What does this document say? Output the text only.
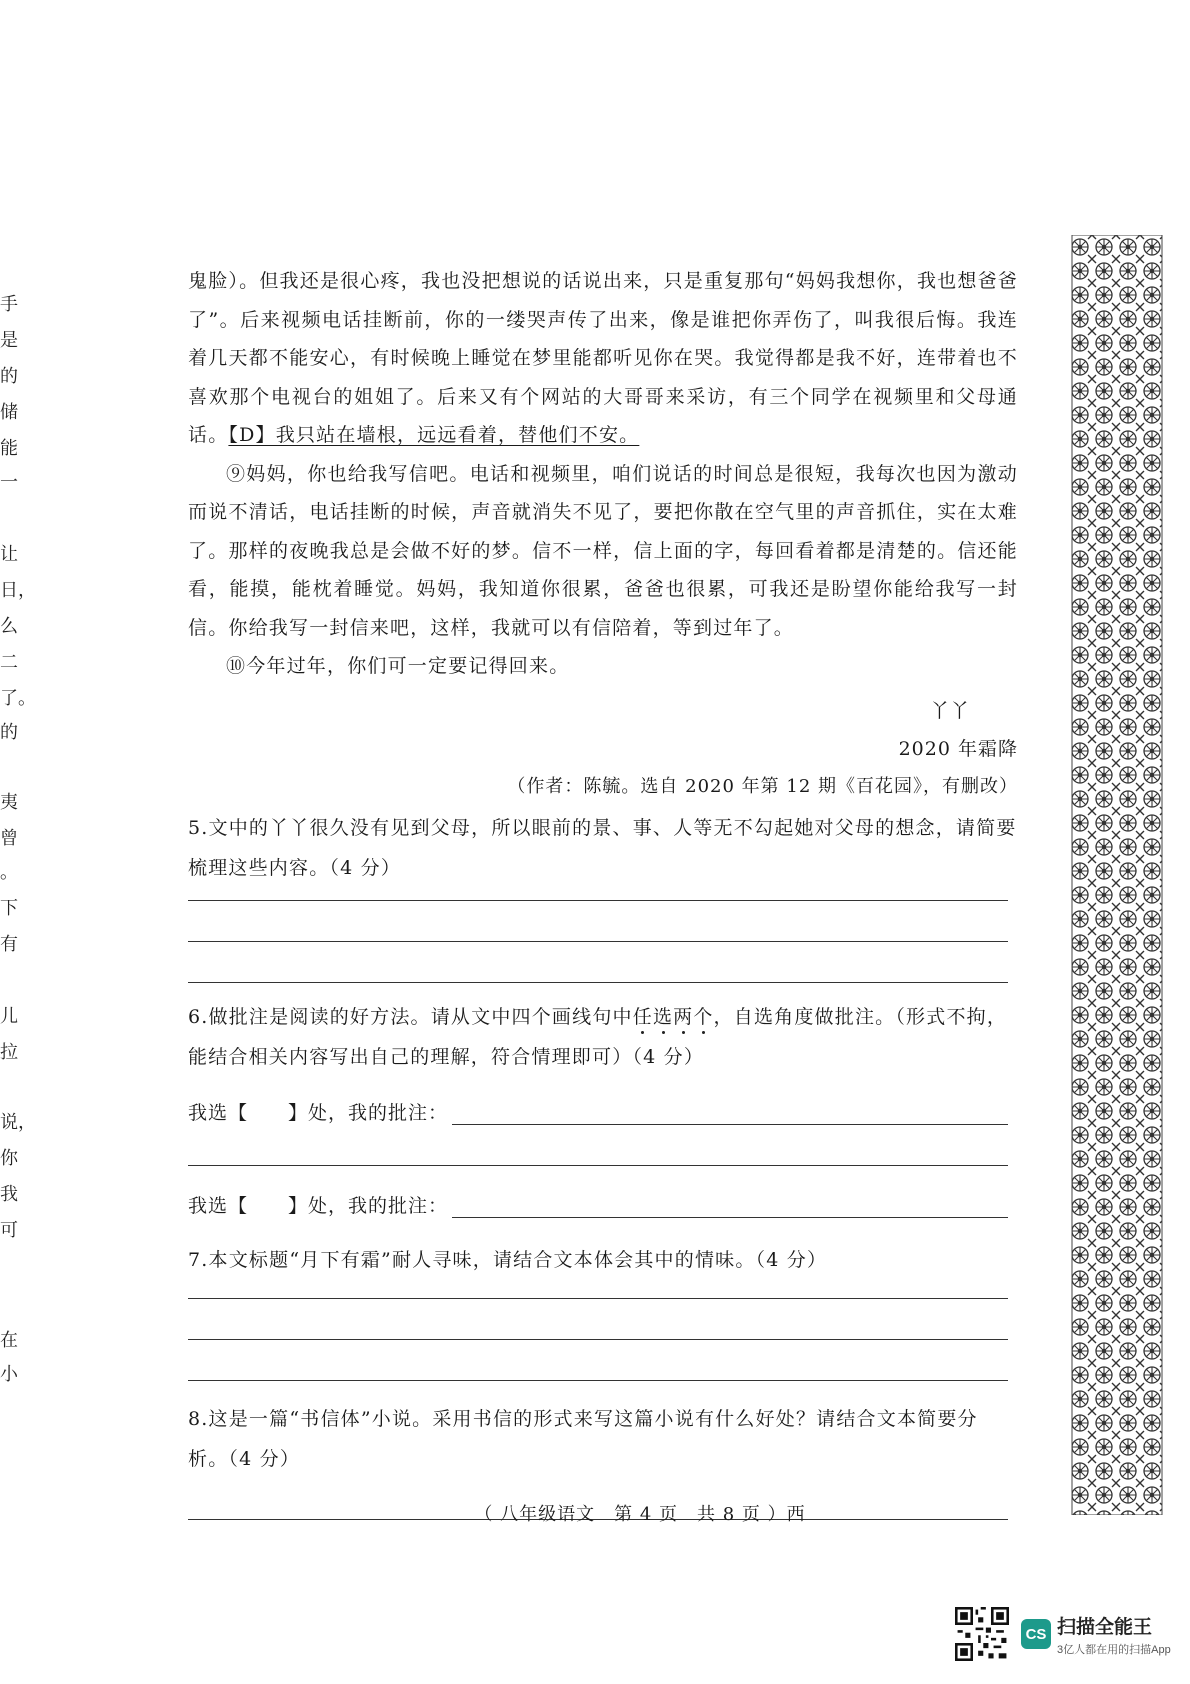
手
是
的
储
能
一
让
日，
么
二
了。
的
夷
曾
。
下
有
儿
拉
说，
你
我
可
在
小

鬼脸）。但我还是很心疼，我也没把想说的话说出来，只是重复那句“妈妈我想你，我也想爸爸了”。后来视频电话挂断前，你的一缕哭声传了出来，像是谁把你弄伤了，叫我很后悔。我连着几天都不能安心，有时候晚上睡觉在梦里能都听见你在哭。我觉得都是我不好，连带着也不喜欢那个电视台的姐姐了。后来又有个网站的大哥哥来采访，有三个同学在视频里和父母通话。【D】我只站在墙根，远远看着，替他们不安。

⑨妈妈，你也给我写信吧。电话和视频里，咱们说话的时间总是很短，我每次也因为激动而说不清话，电话挂断的时候，声音就消失不见了，要把你散在空气里的声音抓住，实在太难了。那样的夜晚我总是会做不好的梦。信不一样，信上面的字，每回看着都是清楚的。信还能看，能摸，能枕着睡觉。妈妈，我知道你很累，爸爸也很累，可我还是盼望你能给我写一封信。你给我写一封信来吧，这样，我就可以有信陪着，等到过年了。

⑩今年过年，你们可一定要记得回来。

丫丫
2020 年霜降
（作者：陈毓。选自 2020 年第 12 期《百花园》，有删改）
5.文中的丫丫很久没有见到父母，所以眼前的景、事、人等无不勾起她对父母的想念，请简要梳理这些内容。（4 分）
6.做批注是阅读的好方法。请从文中四个画线句中任选两个，自选角度做批注。（形式不拘，能结合相关内容写出自己的理解，符合情理即可）（4 分）
我选【　　】处，我的批注：
我选【　　】处，我的批注：
7.本文标题“月下有霜”耐人寻味，请结合文本体会其中的情味。（4 分）
8.这是一篇“书信体”小说。采用书信的形式来写这篇小说有什么好处？请结合文本简要分析。（4 分）
（ 八年级语文　第 4 页　共 8 页 ）西
CS 扫描全能王
3亿人都在用的扫描App
